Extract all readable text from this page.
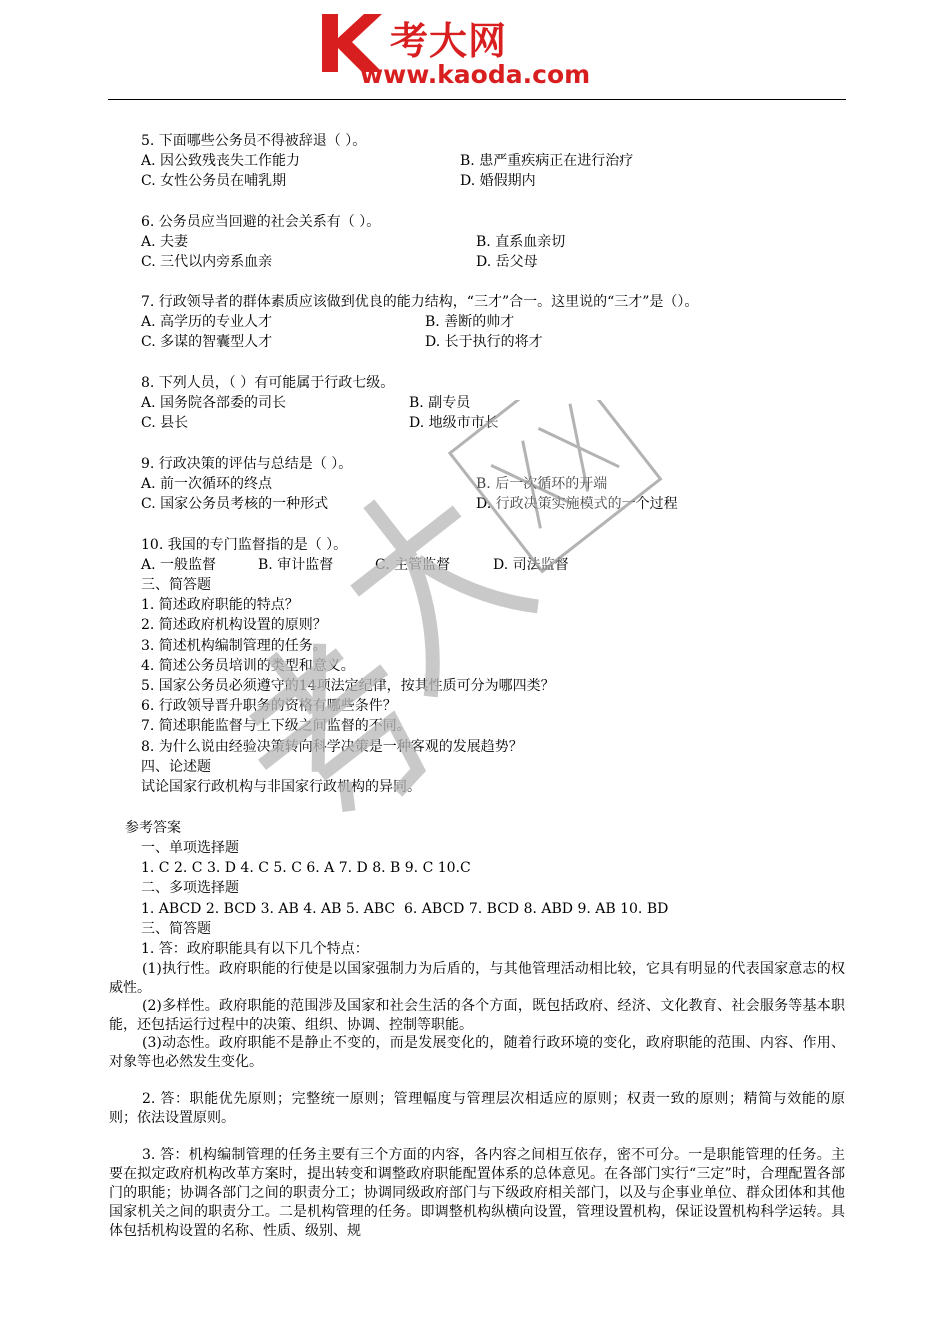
考大网
www.kaoda.com
5. 下面哪些公务员不得被辞退（ ）。
A. 因公致残丧失工作能力	B. 患严重疾病正在进行治疗
C. 女性公务员在哺乳期	D. 婚假期内
6. 公务员应当回避的社会关系有（ ）。
A. 夫妻	B. 直系血亲切
C. 三代以内旁系血亲	D. 岳父母
7. 行政领导者的群体素质应该做到优良的能力结构，“三才”合一。这里说的“三才”是（）。
A. 高学历的专业人才	B. 善断的帅才
C. 多谋的智囊型人才	D. 长于执行的将才
8. 下列人员，（ ）有可能属于行政七级。
A. 国务院各部委的司长	B. 副专员
C. 县长	D. 地级市市长
9. 行政决策的评估与总结是（ ）。
A. 前一次循环的终点	B. 后一次循环的开端
C. 国家公务员考核的一种形式	D. 行政决策实施模式的一个过程
10. 我国的专门监督指的是（ ）。
A. 一般监督	B. 审计监督	C. 主管监督	D. 司法监督
三、简答题
1. 简述政府职能的特点？
2. 简述政府机构设置的原则？
3. 简述机构编制管理的任务。
4. 简述公务员培训的类型和意义。
5. 国家公务员必须遵守的14项法定纪律，按其性质可分为哪四类？
6. 行政领导晋升职务的资格有哪些条件？
7. 简述职能监督与上下级之间监督的不同。
8. 为什么说由经验决策转向科学决策是一种客观的发展趋势？
四、论述题
试论国家行政机构与非国家行政机构的异同。
参考答案
一、单项选择题
1. C 2. C 3. D 4. C 5. C 6. A 7. D 8. B 9. C 10.C
二、多项选择题
1. ABCD 2. BCD 3. AB 4. AB 5. ABC  6. ABCD 7. BCD 8. ABD 9. AB 10. BD
三、简答题
1. 答：政府职能具有以下几个特点：
(1)执行性。政府职能的行使是以国家强制力为后盾的，与其他管理活动相比较，它具有明显的代表国家意志的权威性。
(2)多样性。政府职能的范围涉及国家和社会生活的各个方面，既包括政府、经济、文化教育、社会服务等基本职能，还包括运行过程中的决策、组织、协调、控制等职能。
(3)动态性。政府职能不是静止不变的，而是发展变化的，随着行政环境的变化，政府职能的范围、内容、作用、对象等也必然发生变化。
2. 答：职能优先原则；完整统一原则；管理幅度与管理层次相适应的原则；权责一致的原则；精简与效能的原则；依法设置原则。
3. 答：机构编制管理的任务主要有三个方面的内容，各内容之间相互依存，密不可分。一是职能管理的任务。主要在拟定政府机构改革方案时，提出转变和调整政府职能配置体系的总体意见。在各部门实行“三定”时，合理配置各部门的职能；协调各部门之间的职责分工；协调同级政府部门与下级政府相关部门，以及与企事业单位、群众团体和其他国家机关之间的职责分工。二是机构管理的任务。即调整机构纵横向设置，管理设置机构，保证设置机构科学运转。具体包括机构设置的名称、性质、级别、规
